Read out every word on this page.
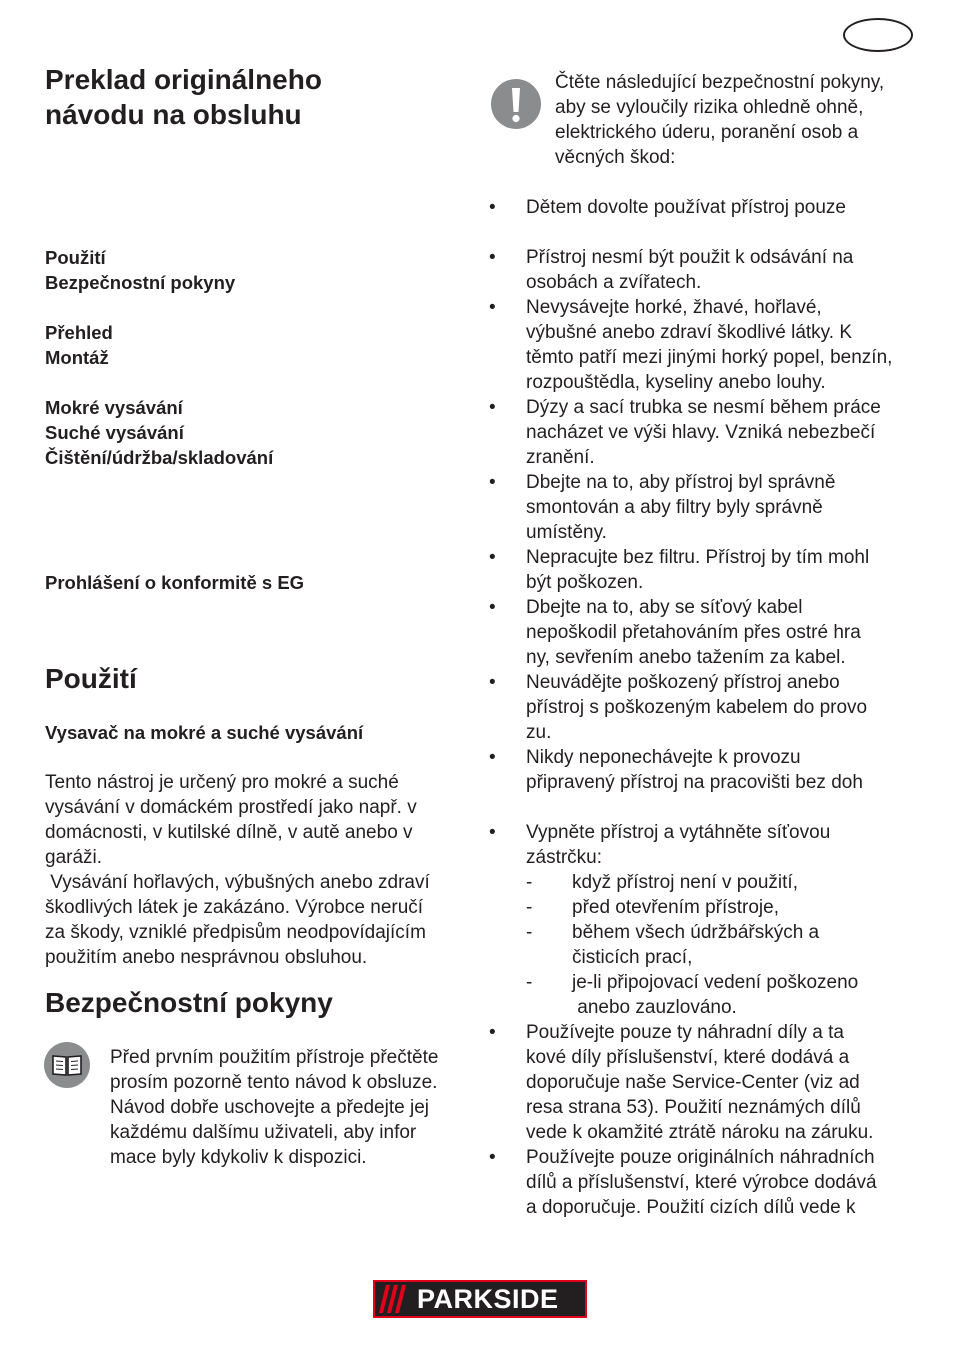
Preklad originálneho

návodu na obsluhu

Použití
Bezpečnostní pokyny
Přehled
Montáž
Mokré vysávání
Suché vysávání
Čištění/údržba/skladování
Prohlášení o konformitě s EG

Použití

Vysavač na mokré a suché vysávání
Tento nástroj je určený pro mokré a suché
vysávání v domáckém prostředí jako např. v
domácnosti, v kutilské dílně, v autě anebo v
garáži.
Vysávání hořlavých, výbušných anebo zdraví
škodlivých látek je zakázáno. Výrobce neručí
za škody, vzniklé předpisům neodpovídajícím
použitím anebo nesprávnou obsluhou.

Bezpečnostní pokyny

Před prvním použitím přístroje přečtěte
prosím pozorně tento návod k obsluze.
Návod dobře uschovejte a předejte jej
každému dalšímu uživateli, aby infor
mace byly kdykoliv k dispozici.
Čtěte následující bezpečnostní pokyny,
aby se vyloučily rizika ohledně ohně,
elektrického úderu, poranění osob a
věcných škod:
• Dětem dovolte používat přístroj pouze
• Přístroj nesmí být použit k odsávání na
osobách a zvířatech.
• Nevysávejte horké, žhavé, hořlavé,
výbušné anebo zdraví škodlivé látky. K
těmto patří mezi jinými horký popel, benzín,
rozpouštědla, kyseliny anebo louhy.
• Dýzy a sací trubka se nesmí během práce
nacházet ve výši hlavy. Vzniká nebezbečí
zranění.
• Dbejte na to, aby přístroj byl správně
smontován a aby filtry byly správně
umístěny.
• Nepracujte bez filtru. Přístroj by tím mohl
být poškozen.
• Dbejte na to, aby se síťový kabel
nepoškodil přetahováním přes ostré hra
ny, sevřením anebo tažením za kabel.
• Neuvádějte poškozený přístroj anebo
přístroj s poškozeným kabelem do provo
zu.
• Nikdy neponechávejte k provozu
připravený přístroj na pracovišti bez doh
• Vypněte přístroj a vytáhněte síťovou
zástrčku:
- když přístroj není v použití,
- před otevřením přístroje,
- během všech údržbářských a
čisticích prací,
- je-li připojovací vedení poškozeno
anebo zauzlováno.
• Používejte pouze ty náhradní díly a ta
kové díly příslušenství, které dodává a
doporučuje naše Service-Center (viz ad
resa strana 53). Použití neznámých dílů
vede k okamžité ztrátě nároku na záruku.
• Používejte pouze originálních náhradních
dílů a příslušenství, které výrobce dodává
a doporučuje. Použití cizích dílů vede k
PARKSIDE
